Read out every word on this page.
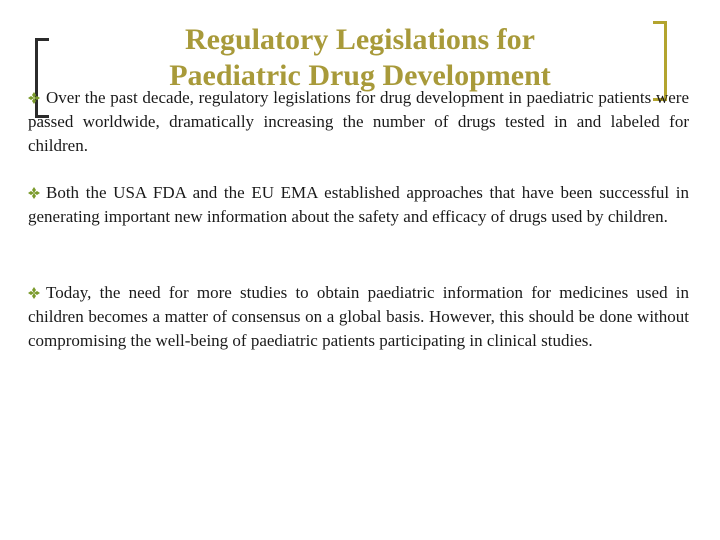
Regulatory Legislations for
Paediatric Drug Development

Over the past decade, regulatory legislations for drug development in paediatric patients were passed worldwide, dramatically increasing the number of drugs tested in and labeled for children.

Both the USA FDA and the EU EMA established approaches that have been successful in generating important new information about the safety and efficacy of drugs used by children.

Today, the need for more studies to obtain paediatric information for medicines used in children becomes a matter of consensus on a global basis. However, this should be done without compromising the well-being of paediatric patients participating in clinical studies.
